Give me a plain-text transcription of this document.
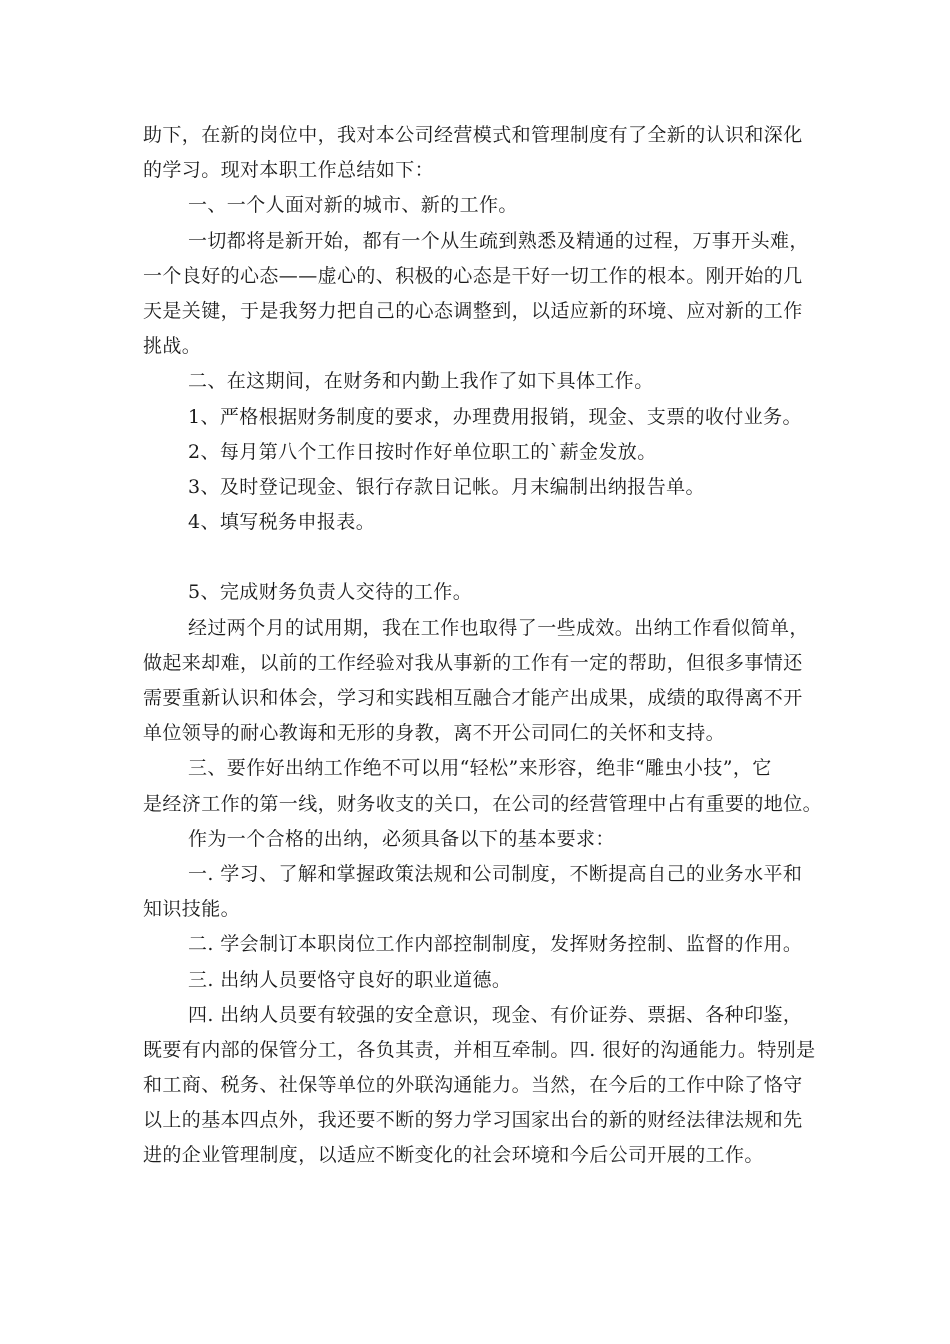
助下，在新的岗位中，我对本公司经营模式和管理制度有了全新的认识和深化
的学习。现对本职工作总结如下：
一、一个人面对新的城市、新的工作。
一切都将是新开始，都有一个从生疏到熟悉及精通的过程，万事开头难，
一个良好的心态——虚心的、积极的心态是干好一切工作的根本。刚开始的几
天是关键，于是我努力把自己的心态调整到，以适应新的环境、应对新的工作
挑战。
二、在这期间，在财务和内勤上我作了如下具体工作。
1、严格根据财务制度的要求，办理费用报销，现金、支票的收付业务。
2、每月第八个工作日按时作好单位职工的`薪金发放。
3、及时登记现金、银行存款日记帐。月末编制出纳报告单。
4、填写税务申报表。
5、完成财务负责人交待的工作。
经过两个月的试用期，我在工作也取得了一些成效。出纳工作看似简单，
做起来却难，以前的工作经验对我从事新的工作有一定的帮助，但很多事情还
需要重新认识和体会，学习和实践相互融合才能产出成果，成绩的取得离不开
单位领导的耐心教诲和无形的身教，离不开公司同仁的关怀和支持。
三、要作好出纳工作绝不可以用“轻松”来形容，绝非“雕虫小技”，它
是经济工作的第一线，财务收支的关口，在公司的经营管理中占有重要的地位。
作为一个合格的出纳，必须具备以下的基本要求：
一. 学习、了解和掌握政策法规和公司制度，不断提高自己的业务水平和
知识技能。
二. 学会制订本职岗位工作内部控制制度，发挥财务控制、监督的作用。
三. 出纳人员要恪守良好的职业道德。
四. 出纳人员要有较强的安全意识，现金、有价证券、票据、各种印鉴，
既要有内部的保管分工，各负其责，并相互牵制。四. 很好的沟通能力。特别是
和工商、税务、社保等单位的外联沟通能力。当然，在今后的工作中除了恪守
以上的基本四点外，我还要不断的努力学习国家出台的新的财经法律法规和先
进的企业管理制度，以适应不断变化的社会环境和今后公司开展的工作。
